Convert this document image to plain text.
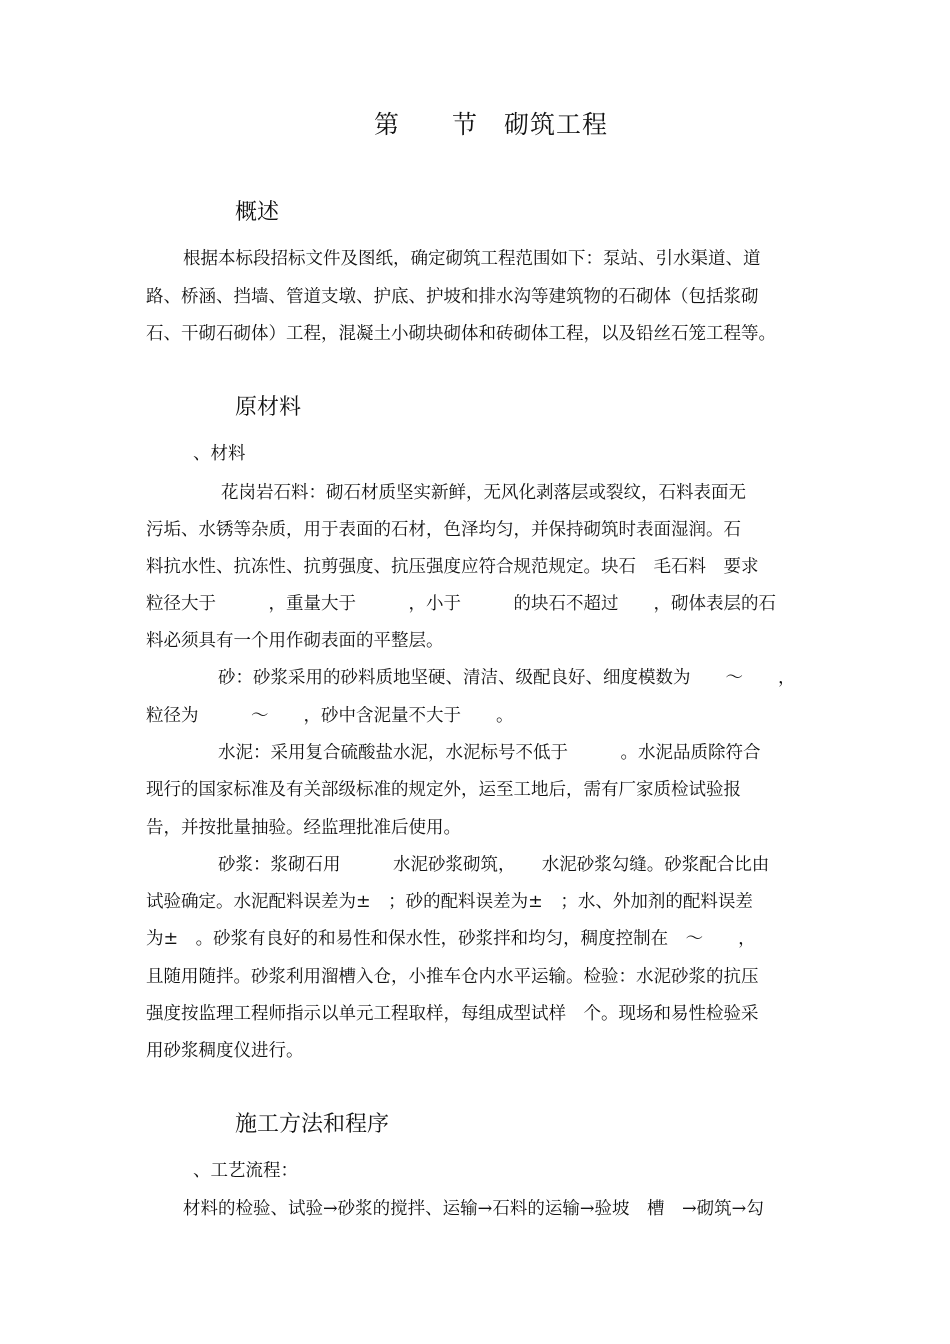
第　　节　砌筑工程
概述
根据本标段招标文件及图纸，确定砌筑工程范围如下：泵站、引水渠道、道
路、桥涵、挡墙、管道支墩、护底、护坡和排水沟等建筑物的石砌体（包括浆砌
石、干砌石砌体）工程，混凝土小砌块砌体和砖砌体工程，以及铅丝石笼工程等。
原材料
、材料
花岗岩石料：砌石材质坚实新鲜，无风化剥落层或裂纹，石料表面无
污垢、水锈等杂质，用于表面的石材，色泽均匀，并保持砌筑时表面湿润。石
料抗水性、抗冻性、抗剪强度、抗压强度应符合规范规定。块石　毛石料　要求
粒径大于　　　，重量大于　　　，小于　　　的块石不超过　　，砌体表层的石
料必须具有一个用作砌表面的平整层。
砂：砂浆采用的砂料质地坚硬、清洁、级配良好、细度模数为　　～　　，
粒径为　　　～　　，砂中含泥量不大于　　。
水泥：采用复合硫酸盐水泥，水泥标号不低于　　　。水泥品质除符合
现行的国家标准及有关部级标准的规定外，运至工地后，需有厂家质检试验报
告，并按批量抽验。经监理批准后使用。
砂浆：浆砌石用　　　水泥砂浆砌筑，　　水泥砂浆勾缝。砂浆配合比由
试验确定。水泥配料误差为±　；砂的配料误差为±　；水、外加剂的配料误差
为±　。砂浆有良好的和易性和保水性，砂浆拌和均匀，稠度控制在　～　　，
且随用随拌。砂浆利用溜槽入仓，小推车仓内水平运输。检验：水泥砂浆的抗压
强度按监理工程师指示以单元工程取样，每组成型试样　个。现场和易性检验采
用砂浆稠度仪进行。
施工方法和程序
、工艺流程：
材料的检验、试验→砂浆的搅拌、运输→石料的运输→验坡　槽　→砌筑→勾
